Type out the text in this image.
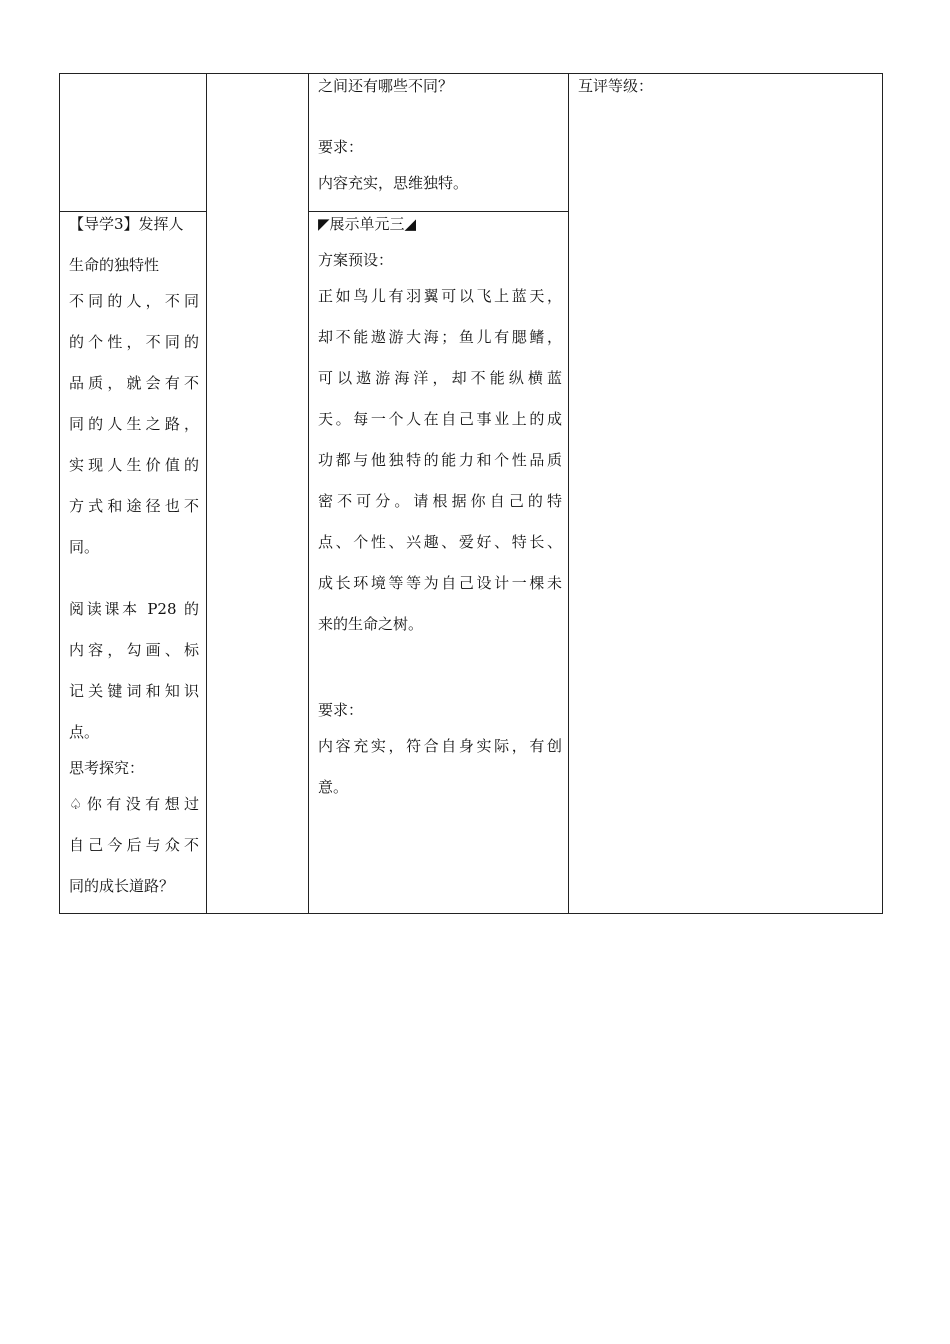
之间还有哪些不同？
要求：
内容充实，思维独特。
互评等级：
【导学3】发挥人
生命的独特性
不同的人，不同
的个性，不同的
品质，就会有不
同的人生之路，
实现人生价值的
方式和途径也不
同。
阅读课本 P28 的
内容，勾画、标
记关键词和知识
点。
思考探究：
♤你有没有想过
自己今后与众不
同的成长道路？
◤展示单元三◢
方案预设：
正如鸟儿有羽翼可以飞上蓝天，
却不能遨游大海；鱼儿有腮鳍，
可以遨游海洋，却不能纵横蓝
天。每一个人在自己事业上的成
功都与他独特的能力和个性品质
密不可分。请根据你自己的特
点、个性、兴趣、爱好、特长、
成长环境等等为自己设计一棵未
来的生命之树。
要求：
内容充实，符合自身实际，有创
意。
